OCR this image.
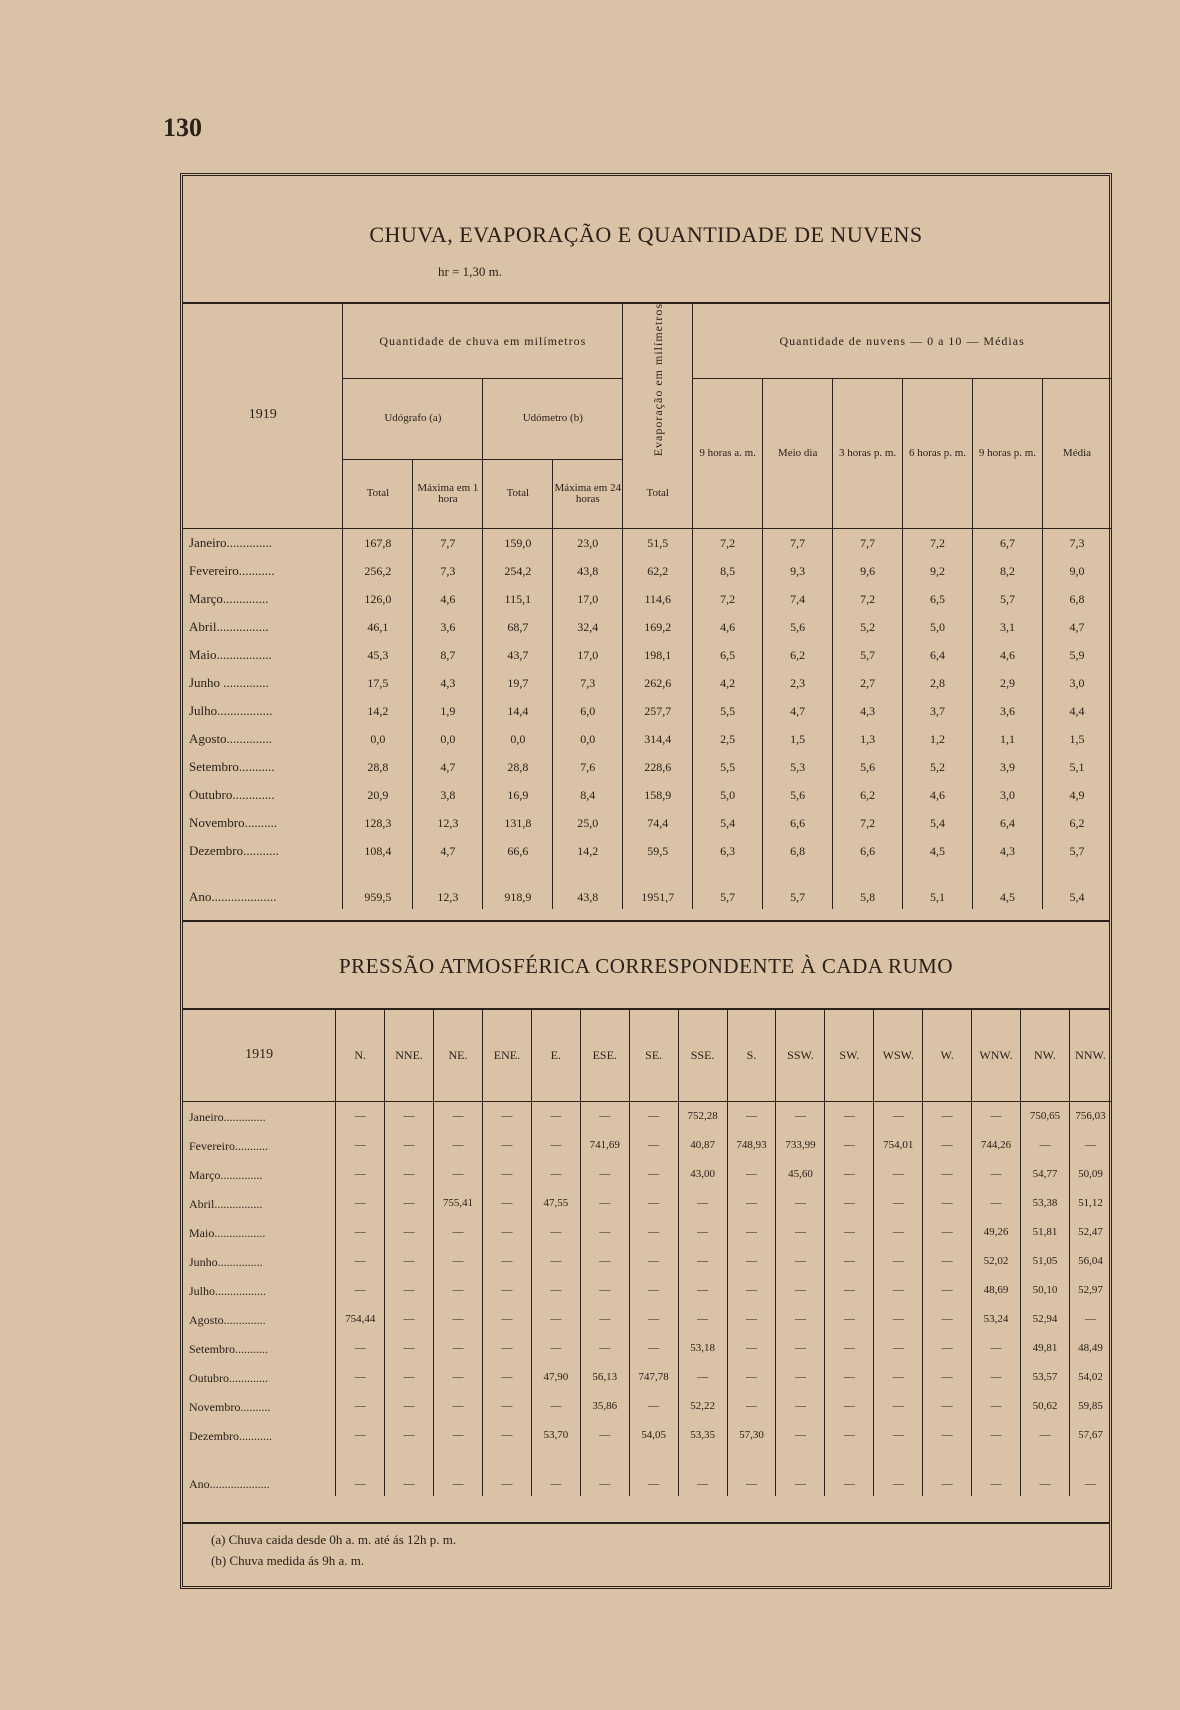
130
CHUVA, EVAPORAÇÃO E QUANTIDADE DE NUVENS
hr = 1,30 m.
1919	Quantidade de chuva em milímetros				Evaporação em milímetros	Quantidade de nuvens — 0 a 10 — Médias					
	Udógrafo (a)		Udómetro (b)			9 horas a. m.	Meio dia	3 horas p. m.	6 horas p. m.	9 horas p. m.	Média
	Total	Máxima em 1 hora	Total	Máxima em 24 horas	Total						
Janeiro..............	167,8	7,7	159,0	23,0	51,5	7,2	7,7	7,7	7,2	6,7	7,3
Fevereiro...........	256,2	7,3	254,2	43,8	62,2	8,5	9,3	9,6	9,2	8,2	9,0
Março..............	126,0	4,6	115,1	17,0	114,6	7,2	7,4	7,2	6,5	5,7	6,8
Abril................	46,1	3,6	68,7	32,4	169,2	4,6	5,6	5,2	5,0	3,1	4,7
Maio.................	45,3	8,7	43,7	17,0	198,1	6,5	6,2	5,7	6,4	4,6	5,9
Junho ..............	17,5	4,3	19,7	7,3	262,6	4,2	2,3	2,7	2,8	2,9	3,0
Julho.................	14,2	1,9	14,4	6,0	257,7	5,5	4,7	4,3	3,7	3,6	4,4
Agosto..............	0,0	0,0	0,0	0,0	314,4	2,5	1,5	1,3	1,2	1,1	1,5
Setembro...........	28,8	4,7	28,8	7,6	228,6	5,5	5,3	5,6	5,2	3,9	5,1
Outubro.............	20,9	3,8	16,9	8,4	158,9	5,0	5,6	6,2	4,6	3,0	4,9
Novembro..........	128,3	12,3	131,8	25,0	74,4	5,4	6,6	7,2	5,4	6,4	6,2
Dezembro...........	108,4	4,7	66,6	14,2	59,5	6,3	6,8	6,6	4,5	4,3	5,7
Ano....................	959,5	12,3	918,9	43,8	1951,7	5,7	5,7	5,8	5,1	4,5	5,4
PRESSÃO ATMOSFÉRICA CORRESPONDENTE À CADA RUMO
1919	N.	NNE.	NE.	ENE.	E.	ESE.	SE.	SSE.	S.	SSW.	SW.	WSW.	W.	WNW.	NW.	NNW.
Janeiro..............	—	—	—	—	—	—	—	752,28	—	—	—	—	—	—	750,65	756,03
Fevereiro...........	—	—	—	—	—	741,69	—	40,87	748,93	733,99	—	754,01	—	744,26	—	—
Março..............	—	—	—	—	—	—	—	43,00	—	45,60	—	—	—	—	54,77	50,09
Abril................	—	—	755,41	—	47,55	—	—	—	—	—	—	—	—	—	53,38	51,12
Maio.................	—	—	—	—	—	—	—	—	—	—	—	—	—	49,26	51,81	52,47
Junho...............	—	—	—	—	—	—	—	—	—	—	—	—	—	52,02	51,05	56,04
Julho.................	—	—	—	—	—	—	—	—	—	—	—	—	—	48,69	50,10	52,97
Agosto..............	754,44	—	—	—	—	—	—	—	—	—	—	—	—	53,24	52,94	—
Setembro...........	—	—	—	—	—	—	—	53,18	—	—	—	—	—	—	49,81	48,49
Outubro.............	—	—	—	—	47,90	56,13	747,78	—	—	—	—	—	—	—	53,57	54,02
Novembro..........	—	—	—	—	—	35,86	—	52,22	—	—	—	—	—	—	50,62	59,85
Dezembro...........	—	—	—	—	53,70	—	54,05	53,35	57,30	—	—	—	—	—	—	57,67
Ano....................	—	—	—	—	—	—	—	—	—	—	—	—	—	—	—	—
(a) Chuva caida desde 0h a. m. até ás 12h p. m.
(b) Chuva medida ás 9h a. m.
